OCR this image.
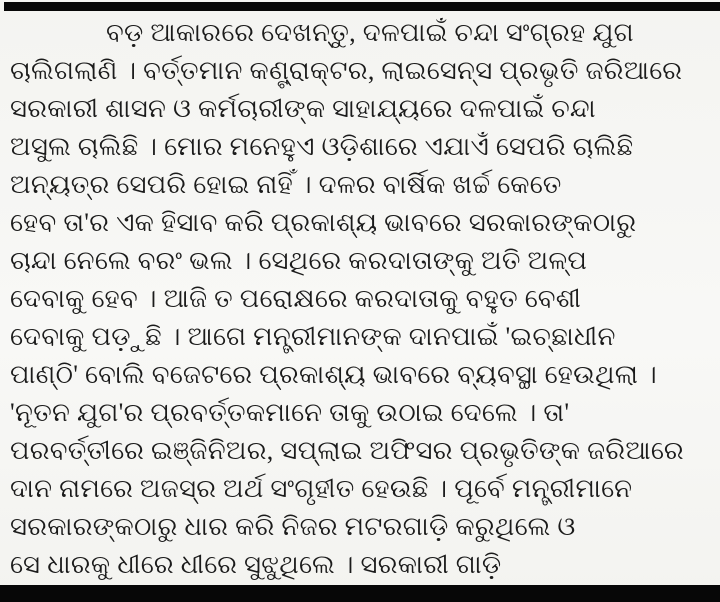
ବଡ଼ ଆକାରରେ ଦେଖନ୍ତୁ, ଦଳପାଇଁ ଚନ୍ଦା ସଂଗ୍ରହ ଯୁଗ
ଚାଲିଗଲାଣି । ବର୍ତ୍ତମାନ କଣ୍ଟ୍ରାକ୍ଟର, ଲାଇସେନ୍ସ ପ୍ରଭୃତି ଜରିଆରେ
ସରକାରୀ ଶାସନ ଓ କର୍ମଚାରୀଙ୍କ ସାହାଯ୍ୟରେ ଦଳପାଇଁ ଚନ୍ଦା
ଅସୁଲ ଚାଲିଛି । ମୋର ମନେହୁଏ ଓଡ଼ିଶାରେ ଏଯାଏଁ ସେପରି ଚାଲିଛି
ଅନ୍ୟତ୍ର ସେପରି ହୋଇ ନାହିଁ । ଦଳର ବାର୍ଷିକ ଖର୍ଚ୍ଚ କେତେ
ହେବ ତା'ର ଏକ ହିସାବ କରି ପ୍ରକାଶ୍ୟ ଭାବରେ ସରକାରଙ୍କଠାରୁ
ଚାନ୍ଦା ନେଲେ ବରଂ ଭଲ । ସେଥିରେ କରଦାତାଙ୍କୁ ଅତି ଅଳ୍ପ
ଦେବାକୁ ହେବ । ଆଜି ତ ପରୋକ୍ଷରେ କରଦାତାକୁ ବହୁତ ବେଶୀ
ଦେବାକୁ ପଡ଼ୁଛି । ଆଗେ ମନ୍ତ୍ରୀମାନଙ୍କ ଦାନପାଇଁ 'ଇଚ୍ଛାଧୀନ
ପାଣ୍ଠି' ବୋଲି ବଜେଟରେ ପ୍ରକାଶ୍ୟ ଭାବରେ ବ୍ୟବସ୍ଥା ହେଉଥିଲା ।
'ନୂତନ ଯୁଗ'ର ପ୍ରବର୍ତ୍ତକମାନେ ତାକୁ ଉଠାଇ ଦେଲେ । ତା'
ପରବର୍ତ୍ତୀରେ ଇଞ୍ଜିନିଅର, ସପ୍ଲାଇ ଅଫିସର ପ୍ରଭୃତିଙ୍କ ଜରିଆରେ
ଦାନ ନାମରେ ଅଜସ୍ର ଅର୍ଥ ସଂଗୃହୀତ ହେଉଛି । ପୂର୍ବେ ମନ୍ତ୍ରୀମାନେ
ସରକାରଙ୍କଠାରୁ ଧାର କରି ନିଜର ମଟରଗାଡ଼ି କରୁଥିଲେ ଓ
ସେ ଧାରକୁ ଧୀରେ ଧୀରେ ସୁଝୁଥିଲେ । ସରକାରୀ ଗାଡ଼ି
